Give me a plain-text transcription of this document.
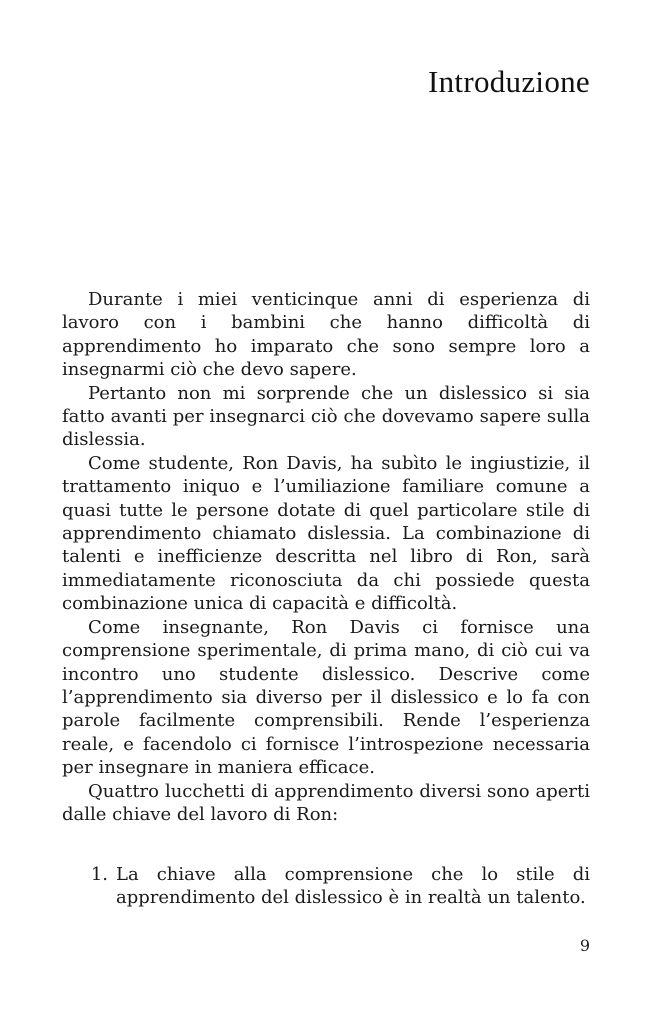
Introduzione

Durante i miei venticinque anni di esperienza di lavoro con i bambini che hanno difficoltà di apprendimento ho imparato che sono sempre loro a insegnarmi ciò che devo sapere.

Pertanto non mi sorprende che un dislessico si sia fatto avanti per insegnarci ciò che dovevamo sapere sulla dislessia.

Come studente, Ron Davis, ha subìto le ingiustizie, il trattamento iniquo e l’umiliazione familiare comune a quasi tutte le persone dotate di quel particolare stile di apprendimento chiamato dislessia. La combinazione di talenti e inefficienze descritta nel libro di Ron, sarà immediatamente riconosciuta da chi possiede questa combinazione unica di capacità e difficoltà.

Come insegnante, Ron Davis ci fornisce una comprensione sperimentale, di prima mano, di ciò cui va incontro uno studente dislessico. Descrive come l’apprendimento sia diverso per il dislessico e lo fa con parole facilmente comprensibili. Rende l’esperienza reale, e facendolo ci fornisce l’introspezione necessaria per insegnare in maniera efficace.

Quattro lucchetti di apprendimento diversi sono aperti dalle chiave del lavoro di Ron:

1. La chiave alla comprensione che lo stile di apprendimento del dislessico è in realtà un talento.

9
